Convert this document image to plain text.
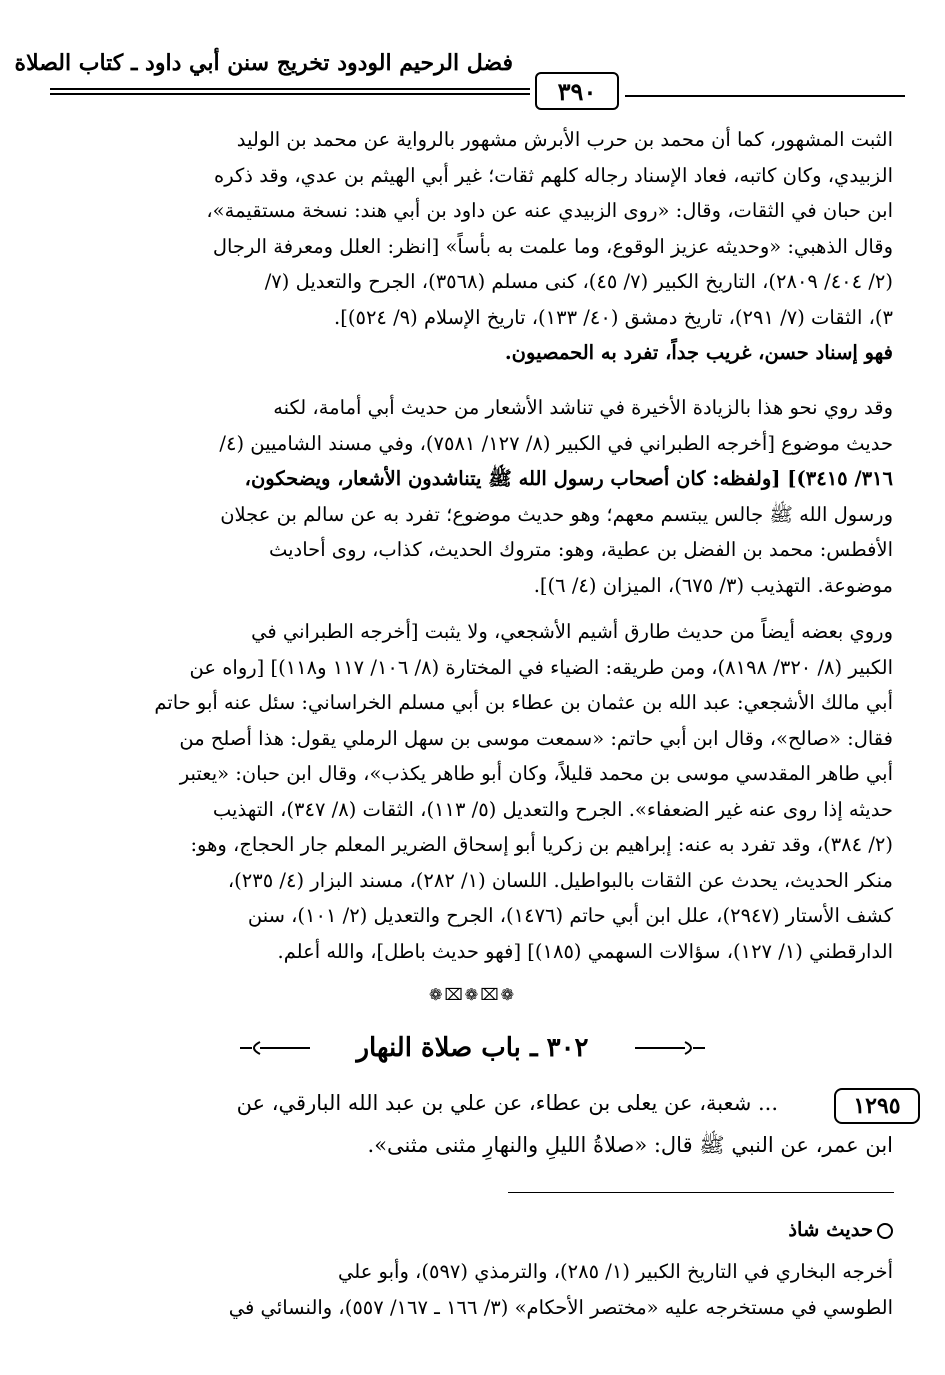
فضل الرحيم الودود تخريج سنن أبي داود ـ كتاب الصلاة
٣٩٠

الثبت المشهور، كما أن محمد بن حرب الأبرش مشهور بالرواية عن محمد بن الوليد

الزبيدي، وكان كاتبه، فعاد الإسناد رجاله كلهم ثقات؛ غير أبي الهيثم بن عدي، وقد ذكره

ابن حبان في الثقات، وقال: «روى الزبيدي عنه عن داود بن أبي هند: نسخة مستقيمة»،

وقال الذهبي: «وحديثه عزيز الوقوع، وما علمت به بأساً» [انظر: العلل ومعرفة الرجال

(٢/ ٤٠٤/ ٢٨٠٩)، التاريخ الكبير (٧/ ٤٥)، كنى مسلم (٣٥٦٨)، الجرح والتعديل (٧/

٣)، الثقات (٧/ ٢٩١)، تاريخ دمشق (٤٠/ ١٣٣)، تاريخ الإسلام (٩/ ٥٢٤)].

فهو إسناد حسن، غريب جداً، تفرد به الحمصيون.

وقد روي نحو هذا بالزيادة الأخيرة في تناشد الأشعار من حديث أبي أمامة، لكنه

حديث موضوع [أخرجه الطبراني في الكبير (٨/ ١٢٧/ ٧٥٨١)، وفي مسند الشاميين (٤/

٣١٦/ ٣٤١٥)] [ولفظه: كان أصحاب رسول الله ﷺ يتناشدون الأشعار، ويضحكون،

ورسول الله ﷺ جالس يبتسم معهم؛ وهو حديث موضوع؛ تفرد به عن سالم بن عجلان

الأفطس: محمد بن الفضل بن عطية، وهو: متروك الحديث، كذاب، روى أحاديث

موضوعة. التهذيب (٣/ ٦٧٥)، الميزان (٤/ ٦)].

وروي بعضه أيضاً من حديث طارق أشيم الأشجعي، ولا يثبت [أخرجه الطبراني في

الكبير (٨/ ٣٢٠/ ٨١٩٨)، ومن طريقه: الضياء في المختارة (٨/ ١٠٦/ ١١٧ و١١٨)] [رواه عن

أبي مالك الأشجعي: عبد الله بن عثمان بن عطاء بن أبي مسلم الخراساني: سئل عنه أبو حاتم

فقال: «صالح»، وقال ابن أبي حاتم: «سمعت موسى بن سهل الرملي يقول: هذا أصلح من

أبي طاهر المقدسي موسى بن محمد قليلاً، وكان أبو طاهر يكذب»، وقال ابن حبان: «يعتبر

حديثه إذا روى عنه غير الضعفاء». الجرح والتعديل (٥/ ١١٣)، الثقات (٨/ ٣٤٧)، التهذيب

(٢/ ٣٨٤)، وقد تفرد به عنه: إبراهيم بن زكريا أبو إسحاق الضرير المعلم جار الحجاج، وهو:

منكر الحديث، يحدث عن الثقات بالبواطيل. اللسان (١/ ٢٨٢)، مسند البزار (٤/ ٢٣٥)،

كشف الأستار (٢٩٤٧)، علل ابن أبي حاتم (١٤٧٦)، الجرح والتعديل (٢/ ١٠١)، سنن

الدارقطني (١/ ١٢٧)، سؤالات السهمي (١٨٥)] [فهو حديث باطل]، والله أعلم.

❁⌧❁⌧❁
٣٠٢ ـ باب صلاة النهار
١٢٩٥

... شعبة، عن يعلى بن عطاء، عن علي بن عبد الله البارقي، عن

ابن عمر، عن النبي ﷺ قال: «صلاةُ الليلِ والنهارِ مثنى مثنى».

حديث شاذ

أخرجه البخاري في التاريخ الكبير (١/ ٢٨٥)، والترمذي (٥٩٧)، وأبو علي

الطوسي في مستخرجه عليه «مختصر الأحكام» (٣/ ١٦٦ ـ ١٦٧/ ٥٥٧)، والنسائي في
